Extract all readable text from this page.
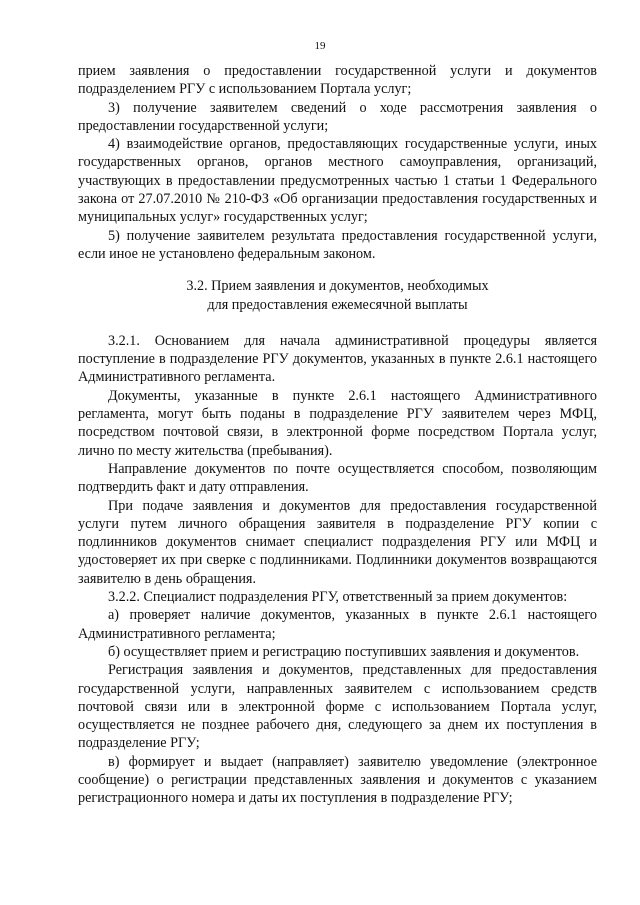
19

прием заявления о предоставлении государственной услуги и документов подразделением РГУ с использованием Портала услуг;

3) получение заявителем сведений о ходе рассмотрения заявления о предоставлении государственной услуги;

4) взаимодействие органов, предоставляющих государственные услуги, иных государственных органов, органов местного самоуправления, организаций, участвующих в предоставлении предусмотренных частью 1 статьи 1 Федерального закона от 27.07.2010 № 210-ФЗ «Об организации предоставления государственных и муниципальных услуг» государственных услуг;

5) получение заявителем результата предоставления государственной услуги, если иное не установлено федеральным законом.

3.2. Прием заявления и документов, необходимых
для предоставления ежемесячной выплаты

3.2.1. Основанием для начала административной процедуры является поступление в подразделение РГУ документов, указанных в пункте 2.6.1 настоящего Административного регламента.

Документы, указанные в пункте 2.6.1 настоящего Административного регламента, могут быть поданы в подразделение РГУ заявителем через МФЦ, посредством почтовой связи, в электронной форме посредством Портала услуг, лично по месту жительства (пребывания).

Направление документов по почте осуществляется способом, позволяющим подтвердить факт и дату отправления.

При подаче заявления и документов для предоставления государственной услуги путем личного обращения заявителя в подразделение РГУ копии с подлинников документов снимает специалист подразделения РГУ или МФЦ и удостоверяет их при сверке с подлинниками. Подлинники документов возвращаются заявителю в день обращения.

3.2.2. Специалист подразделения РГУ, ответственный за прием документов:

а) проверяет наличие документов, указанных в пункте 2.6.1 настоящего Административного регламента;

б) осуществляет прием и регистрацию поступивших заявления и документов.

Регистрация заявления и документов, представленных для предоставления государственной услуги, направленных заявителем с использованием средств почтовой связи или в электронной форме с использованием Портала услуг, осуществляется не позднее рабочего дня, следующего за днем их поступления в подразделение РГУ;

в) формирует и выдает (направляет) заявителю уведомление (электронное сообщение) о регистрации представленных заявления и документов с указанием регистрационного номера и даты их поступления в подразделение РГУ;
